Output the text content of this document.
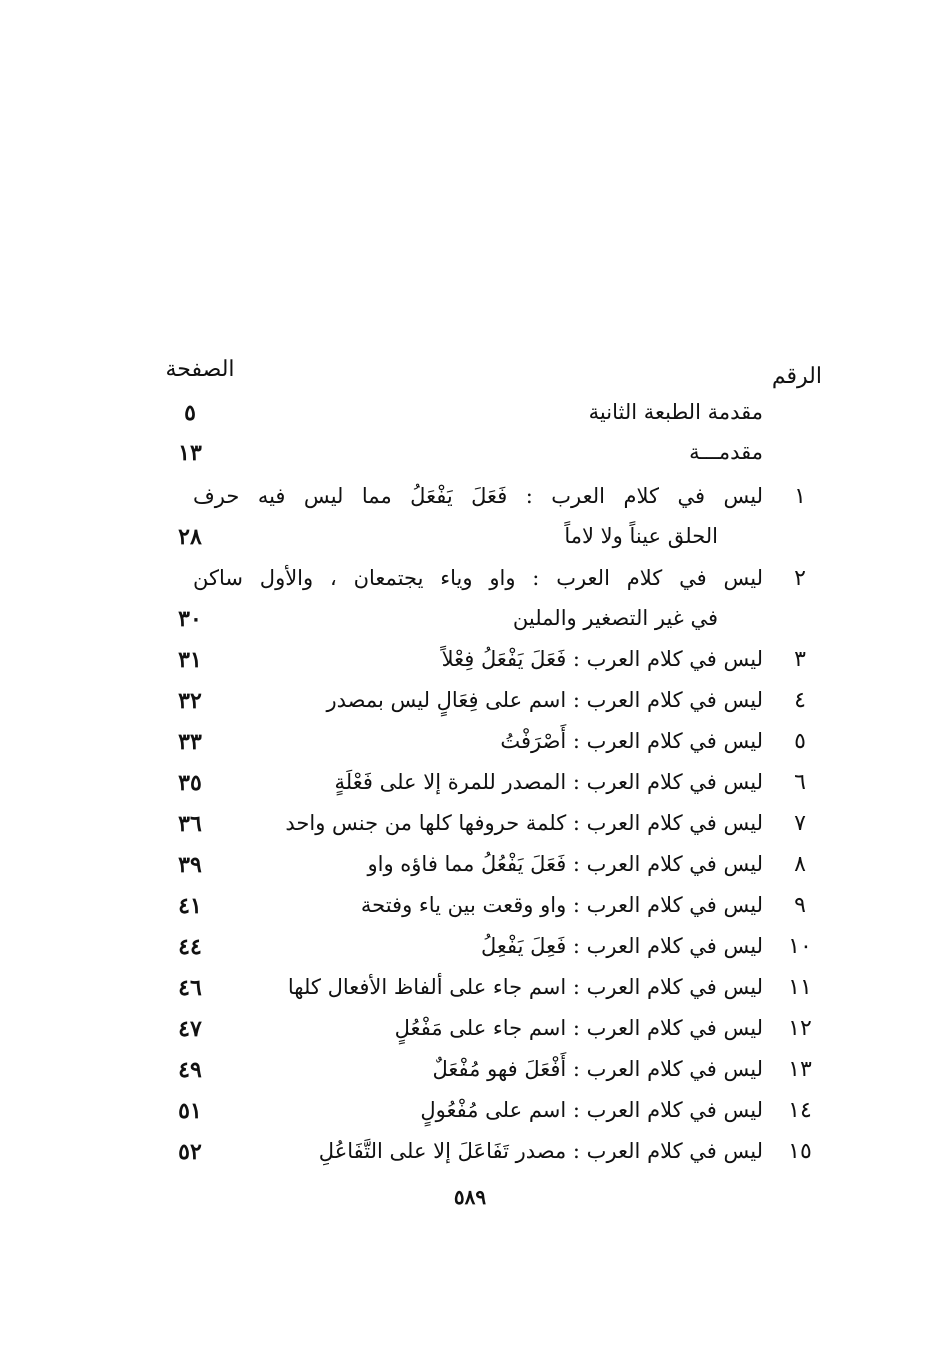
الرقم
الصفحة
مقدمة الطبعة الثانية
٥
مقدمـــة
١٣
١
ليس في كلام العرب : فَعَلَ يَفْعَلُ مما ليس فيه حرف
الحلق عيناً ولا لاماً
٢٨
٢
ليس في كلام العرب : واو وياء يجتمعان ، والأول ساكن
في غير التصغير والملين
٣٠
٣
ليس في كلام العرب : فَعَلَ يَفْعَلُ فِعْلاً
٣١
٤
ليس في كلام العرب : اسم على فِعَالٍ ليس بمصدر
٣٢
٥
ليس في كلام العرب : أَصْرَفْتُ
٣٣
٦
ليس في كلام العرب : المصدر للمرة إلا على فَعْلَةٍ
٣٥
٧
ليس في كلام العرب : كلمة حروفها كلها من جنس واحد
٣٦
٨
ليس في كلام العرب : فَعَلَ يَفْعُلُ مما فاؤه واو
٣٩
٩
ليس في كلام العرب : واو وقعت بين ياء وفتحة
٤١
١٠
ليس في كلام العرب : فَعِلَ يَفْعِلُ
٤٤
١١
ليس في كلام العرب : اسم جاء على ألفاظ الأفعال كلها
٤٦
١٢
ليس في كلام العرب : اسم جاء على مَفْعُلٍ
٤٧
١٣
ليس في كلام العرب : أَفْعَلَ فهو مُفْعَلٌ
٤٩
١٤
ليس في كلام العرب : اسم على مُفْعُولٍ
٥١
١٥
ليس في كلام العرب : مصدر تَفَاعَلَ إلا على التَّفَاعُلِ
٥٢
٥٨٩
